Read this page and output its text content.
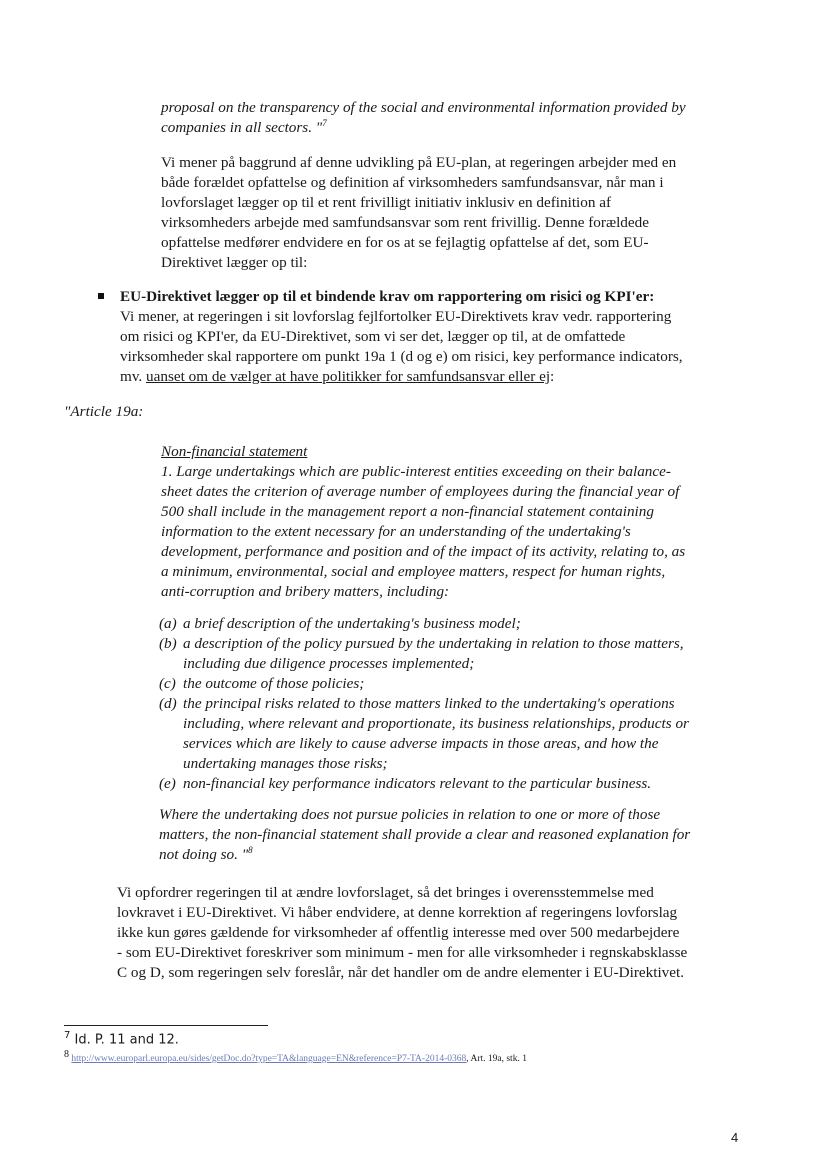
proposal on the transparency of the social and environmental information provided by
companies in all sectors. "$^7$
Vi mener på baggrund af denne udvikling på EU-plan, at regeringen arbejder med en
både forældet opfattelse og definition af virksomheders samfundsansvar, når man i
lovforslaget lægger op til et rent frivilligt initiativ inklusiv en definition af
virksomheders arbejde med samfundsansvar som rent frivillig. Denne forældede
opfattelse medfører endvidere en for os at se fejlagtig opfattelse af det, som EU-
Direktivet lægger op til:
EU-Direktivet lægger op til et bindende krav om rapportering om risici og KPI'er:
Vi mener, at regeringen i sit lovforslag fejlfortolker EU-Direktivets krav vedr. rapportering
om risici og KPI'er, da EU-Direktivet, som vi ser det, lægger op til, at de omfattede
virksomheder skal rapportere om punkt 19a 1 (d og e) om risici, key performance indicators,
mv. uanset om de vælger at have politikker for samfundsansvar eller ej:
"Article 19a:
Non-financial statement
1. Large undertakings which are public-interest entities exceeding on their balance-
sheet dates the criterion of average number of employees during the financial year of
500 shall include in the management report a non-financial statement containing
information to the extent necessary for an understanding of the undertaking's
development, performance and position and of the impact of its activity, relating to, as
a minimum, environmental, social and employee matters, respect for human rights,
anti-corruption and bribery matters, including:
(a) a brief description of the undertaking's business model;
(b) a description of the policy pursued by the undertaking in relation to those matters,
including due diligence processes implemented;
(c) the outcome of those policies;
(d) the principal risks related to those matters linked to the undertaking's operations
including, where relevant and proportionate, its business relationships, products or
services which are likely to cause adverse impacts in those areas, and how the
undertaking manages those risks;
(e) non-financial key performance indicators relevant to the particular business.
Where the undertaking does not pursue policies in relation to one or more of those
matters, the non-financial statement shall provide a clear and reasoned explanation for
not doing so. "$^8$
Vi opfordrer regeringen til at ændre lovforslaget, så det bringes i overensstemmelse med
lovkravet i EU-Direktivet. Vi håber endvidere, at denne korrektion af regeringens lovforslag
ikke kun gøres gældende for virksomheder af offentlig interesse med over 500 medarbejdere
- som EU-Direktivet foreskriver som minimum - men for alle virksomheder i regnskabsklasse
C og D, som regeringen selv foreslår, når det handler om de andre elementer i EU-Direktivet.
$^7$ Id. P. 11 and 12.
8 http://www.europarl.europa.eu/sides/getDoc.do?type=TA&language=EN&reference=P7-TA-2014-0368, Art. 19a, stk. 1
4
